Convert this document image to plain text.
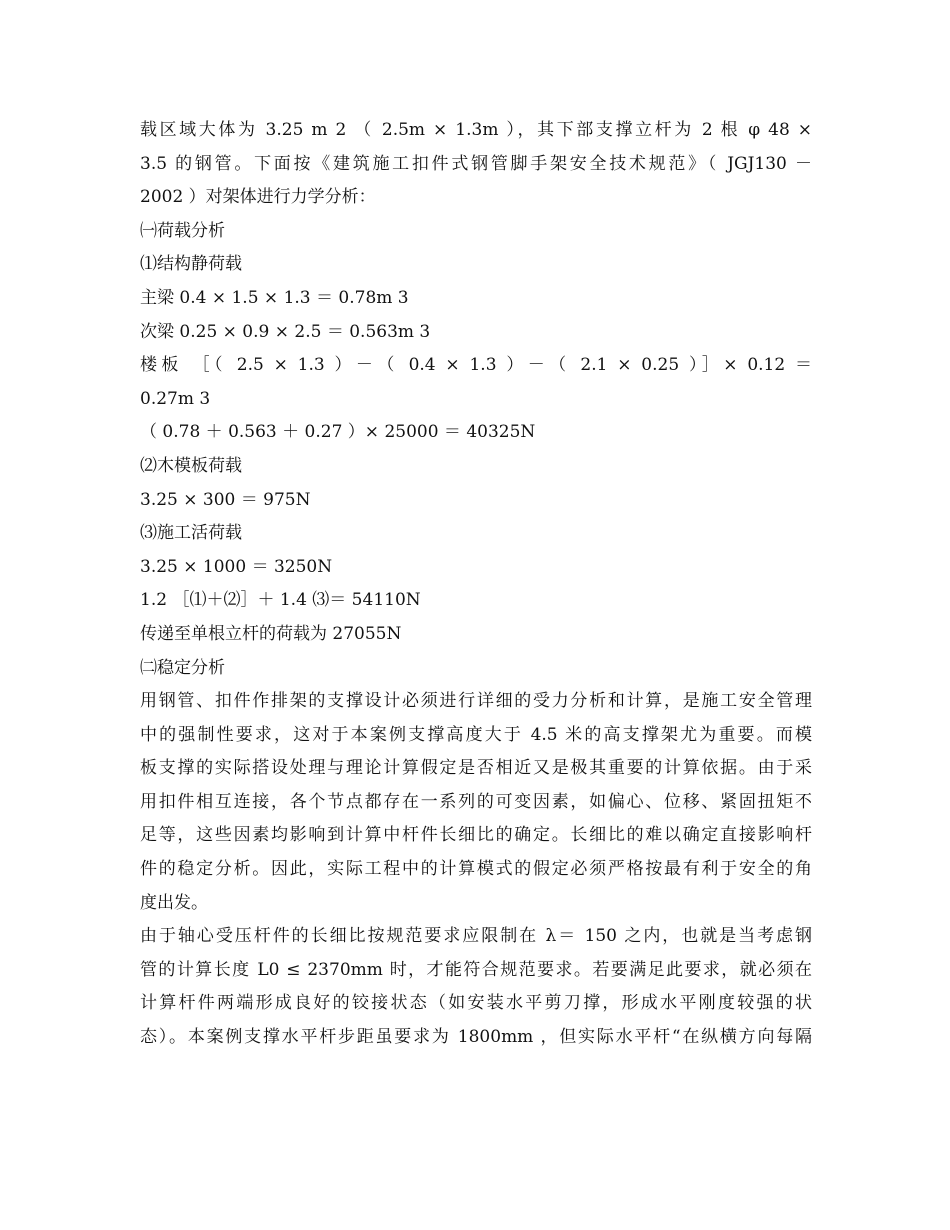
载区域大体为 3.25 m 2 （ 2.5m × 1.3m ），其下部支撑立杆为 2 根 φ 48 ×
3.5 的钢管。下面按《建筑施工扣件式钢管脚手架安全技术规范》（ JGJ130 －
2002 ）对架体进行力学分析：
㈠荷载分析
⑴结构静荷载
主梁 0.4 × 1.5 × 1.3 ＝ 0.78m 3
次梁 0.25 × 0.9 × 2.5 ＝ 0.563m 3
楼板 ［（ 2.5 × 1.3 ）－（ 0.4 × 1.3 ）－（ 2.1 × 0.25 ）］× 0.12 ＝
0.27m 3
（ 0.78 ＋ 0.563 ＋ 0.27 ）× 25000 ＝ 40325N
⑵木模板荷载
3.25 × 300 ＝ 975N
⑶施工活荷载
3.25 × 1000 ＝ 3250N
1.2 ［⑴＋⑵］＋ 1.4 ⑶＝ 54110N
传递至单根立杆的荷载为 27055N
㈡稳定分析
用钢管、扣件作排架的支撑设计必须进行详细的受力分析和计算，是施工安全管理
中的强制性要求，这对于本案例支撑高度大于 4.5 米的高支撑架尤为重要。而模
板支撑的实际搭设处理与理论计算假定是否相近又是极其重要的计算依据。由于采
用扣件相互连接，各个节点都存在一系列的可变因素，如偏心、位移、紧固扭矩不
足等，这些因素均影响到计算中杆件长细比的确定。长细比的难以确定直接影响杆
件的稳定分析。因此，实际工程中的计算模式的假定必须严格按最有利于安全的角
度出发。
由于轴心受压杆件的长细比按规范要求应限制在 λ＝ 150 之内，也就是当考虑钢
管的计算长度 L0 ≤ 2370mm 时，才能符合规范要求。若要满足此要求，就必须在
计算杆件两端形成良好的铰接状态（如安装水平剪刀撑，形成水平刚度较强的状
态）。本案例支撑水平杆步距虽要求为 1800mm ，但实际水平杆“在纵横方向每隔
